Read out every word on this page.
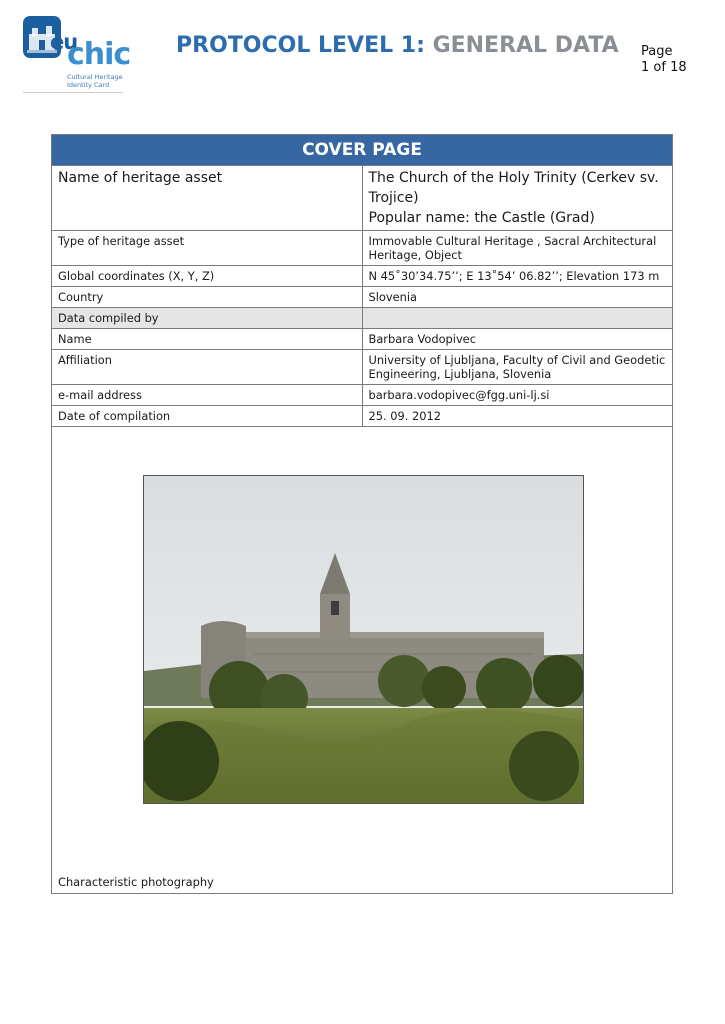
eu
chic
Cultural Heritage
Identity Card
PROTOCOL LEVEL 1: GENERAL DATA Page
1 of 18
COVER PAGE	
Name of heritage asset	The Church of the Holy Trinity (Cerkev sv. Trojice)
Popular name: the Castle (Grad)

Type of heritage asset	Immovable Cultural Heritage , Sacral Architectural Heritage, Object
Global coordinates (X, Y, Z)	N 45˚30’34.75’’; E 13˚54’ 06.82’’; Elevation 173 m
Country	Slovenia
Data compiled by	
Name	Barbara Vodopivec
Affiliation	University of Ljubljana, Faculty of Civil and Geodetic Engineering, Ljubljana, Slovenia
e-mail address	barbara.vodopivec@fgg.uni-lj.si
Date of compilation	25. 09. 2012
Characteristic photography
